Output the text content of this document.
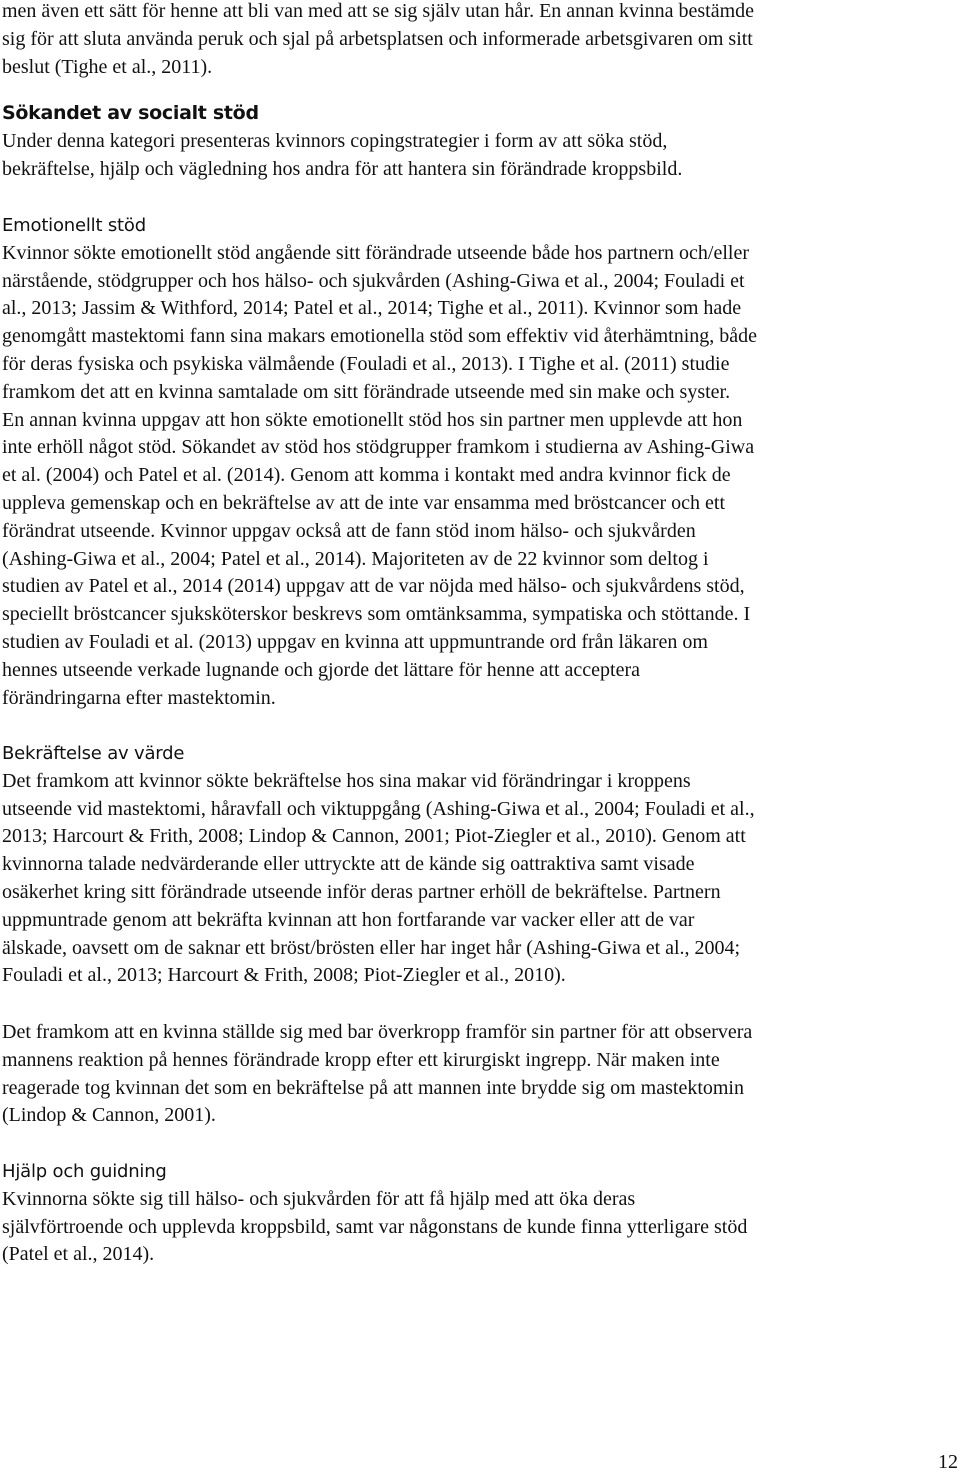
men även ett sätt för henne att bli van med att se sig själv utan hår. En annan kvinna bestämde
sig för att sluta använda peruk och sjal på arbetsplatsen och informerade arbetsgivaren om sitt
beslut (Tighe et al., 2011).
Sökandet av socialt stöd
Under denna kategori presenteras kvinnors copingstrategier i form av att söka stöd,
bekräftelse, hjälp och vägledning hos andra för att hantera sin förändrade kroppsbild.
Emotionellt stöd
Kvinnor sökte emotionellt stöd angående sitt förändrade utseende både hos partnern och/eller
närstående, stödgrupper och hos hälso- och sjukvården (Ashing-Giwa et al., 2004; Fouladi et
al., 2013; Jassim & Withford, 2014; Patel et al., 2014; Tighe et al., 2011). Kvinnor som hade
genomgått mastektomi fann sina makars emotionella stöd som effektiv vid återhämtning, både
för deras fysiska och psykiska välmående (Fouladi et al., 2013). I Tighe et al. (2011) studie
framkom det att en kvinna samtalade om sitt förändrade utseende med sin make och syster.
En annan kvinna uppgav att hon sökte emotionellt stöd hos sin partner men upplevde att hon
inte erhöll något stöd. Sökandet av stöd hos stödgrupper framkom i studierna av Ashing-Giwa
et al. (2004) och Patel et al. (2014). Genom att komma i kontakt med andra kvinnor fick de
uppleva gemenskap och en bekräftelse av att de inte var ensamma med bröstcancer och ett
förändrat utseende. Kvinnor uppgav också att de fann stöd inom hälso- och sjukvården
(Ashing-Giwa et al., 2004; Patel et al., 2014). Majoriteten av de 22 kvinnor som deltog i
studien av Patel et al., 2014 (2014) uppgav att de var nöjda med hälso- och sjukvårdens stöd,
speciellt bröstcancer sjuksköterskor beskrevs som omtänksamma, sympatiska och stöttande. I
studien av Fouladi et al. (2013) uppgav en kvinna att uppmuntrande ord från läkaren om
hennes utseende verkade lugnande och gjorde det lättare för henne att acceptera
förändringarna efter mastektomin.
Bekräftelse av värde
Det framkom att kvinnor sökte bekräftelse hos sina makar vid förändringar i kroppens
utseende vid mastektomi, håravfall och viktuppgång (Ashing-Giwa et al., 2004; Fouladi et al.,
2013; Harcourt & Frith, 2008; Lindop & Cannon, 2001; Piot-Ziegler et al., 2010). Genom att
kvinnorna talade nedvärderande eller uttryckte att de kände sig oattraktiva samt visade
osäkerhet kring sitt förändrade utseende inför deras partner erhöll de bekräftelse. Partnern
uppmuntrade genom att bekräfta kvinnan att hon fortfarande var vacker eller att de var
älskade, oavsett om de saknar ett bröst/brösten eller har inget hår (Ashing-Giwa et al., 2004;
Fouladi et al., 2013; Harcourt & Frith, 2008; Piot-Ziegler et al., 2010).
Det framkom att en kvinna ställde sig med bar överkropp framför sin partner för att observera
mannens reaktion på hennes förändrade kropp efter ett kirurgiskt ingrepp. När maken inte
reagerade tog kvinnan det som en bekräftelse på att mannen inte brydde sig om mastektomin
(Lindop & Cannon, 2001).
Hjälp och guidning
Kvinnorna sökte sig till hälso- och sjukvården för att få hjälp med att öka deras
självförtroende och upplevda kroppsbild, samt var någonstans de kunde finna ytterligare stöd
(Patel et al., 2014).
12
